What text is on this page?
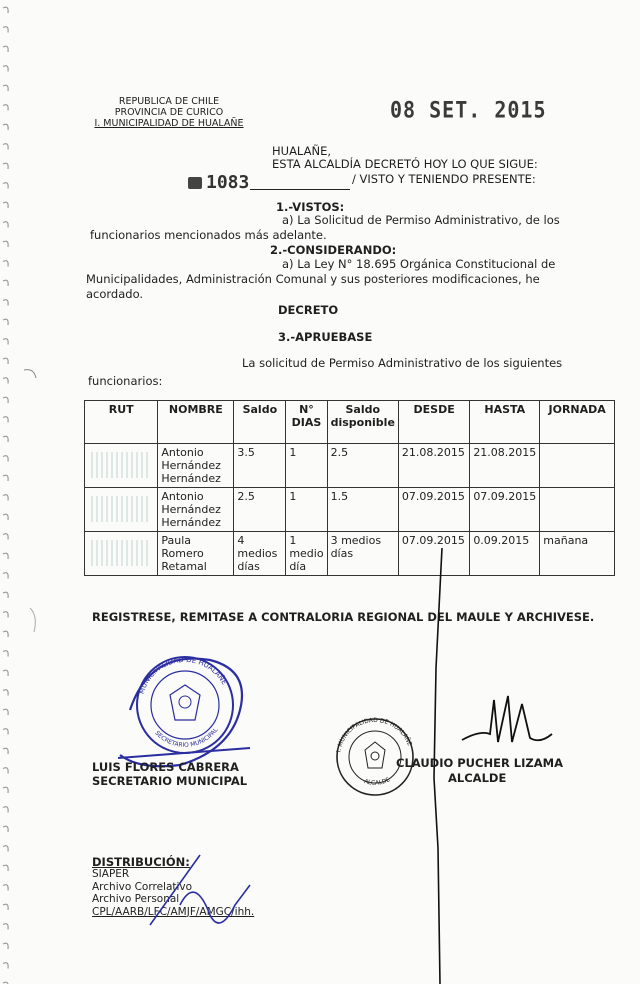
REPUBLICA DE CHILE
PROVINCIA DE CURICO
I. MUNICIPALIDAD DE HUALAÑE
08 SET. 2015
HUALAÑE,
ESTA ALCALDÍA DECRETÓ HOY LO QUE SIGUE:
1083	/ VISTO Y TENIENDO PRESENTE:
1.-VISTOS:
a) La Solicitud de Permiso Administrativo, de los
funcionarios mencionados más adelante.
2.-CONSIDERANDO:
a) La Ley N° 18.695 Orgánica Constitucional de
Municipalidades, Administración Comunal y sus posteriores modificaciones, he
acordado.
DECRETO
3.-APRUEBASE
La solicitud de Permiso Administrativo de los siguientes
funcionarios:
RUT	NOMBRE	Saldo	N° DIAS	Saldo disponible	DESDE	HASTA	JORNADA

	Antonio Hernández Hernández	3.5	1	2.5	21.08.2015	21.08.2015	

	Antonio Hernández Hernández	2.5	1	1.5	07.09.2015	07.09.2015	

	Paula Romero Retamal	4 medios días	1 medio día	3 medios días	07.09.2015	0.09.2015	mañana
REGISTRESE, REMITASE A CONTRALORIA REGIONAL DEL MAULE Y ARCHIVESE.
MUNICIPALIDAD DE HUALAÑE
SECRETARIO MUNICIPAL
I. MUNICIPALIDAD DE HUALAÑE
ALCALDE
LUIS FLORES CABRERA
SECRETARIO MUNICIPAL
CLAUDIO PUCHER LIZAMA
ALCALDE
DISTRIBUCIÓN:
SIAPER
Archivo Correlativo
Archivo Personal
CPL/AARB/LFC/AMJF/AMGC/ihh.
